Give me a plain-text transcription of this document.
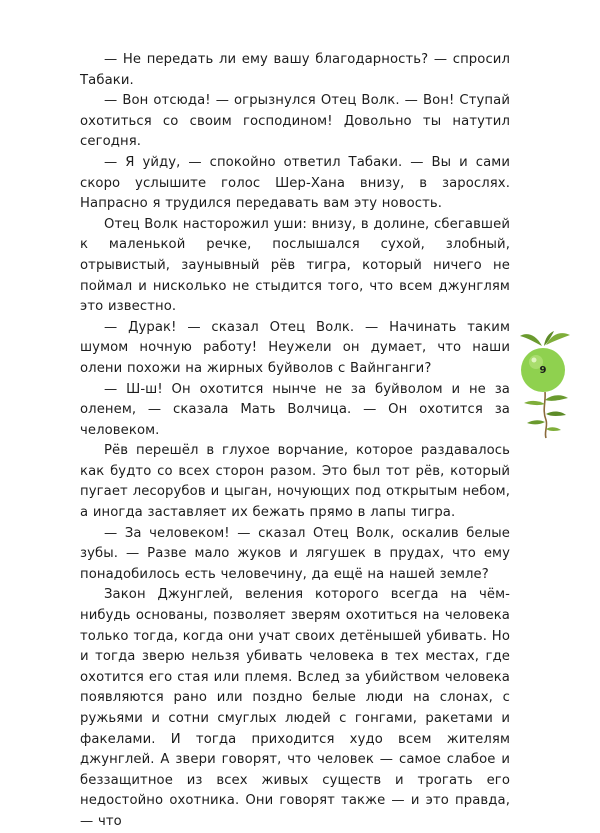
— Не передать ли ему вашу благодарность? — спросил Табаки.

— Вон отсюда! — огрызнулся Отец Волк. — Вон! Ступай охотиться со своим господином! Довольно ты натутил сегодня.

— Я уйду, — спокойно ответил Табаки. — Вы и сами скоро услышите голос Шер-Хана внизу, в зарослях. Напрасно я трудился передавать вам эту новость.

Отец Волк насторожил уши: внизу, в долине, сбегавшей к маленькой речке, послышался сухой, злобный, отрывистый, заунывный рёв тигра, который ничего не поймал и нисколько не стыдится того, что всем джунглям это известно.

— Дурак! — сказал Отец Волк. — Начинать таким шумом ночную работу! Неужели он думает, что наши олени похожи на жирных буйволов с Вайнганги?

— Ш-ш! Он охотится нынче не за буйволом и не за оленем, — сказала Мать Волчица. — Он охотится за человеком.

Рёв перешёл в глухое ворчание, которое раздавалось как будто со всех сторон разом. Это был тот рёв, который пугает лесорубов и цыган, ночующих под открытым небом, а иногда заставляет их бежать прямо в лапы тигра.

— За человеком! — сказал Отец Волк, оскалив белые зубы. — Разве мало жуков и лягушек в прудах, что ему понадобилось есть человечину, да ещё на нашей земле?

Закон Джунглей, веления которого всегда на чём-нибудь основаны, позволяет зверям охотиться на человека только тогда, когда они учат своих детёнышей убивать. Но и тогда зверю нельзя убивать человека в тех местах, где охотится его стая или племя. Вслед за убийством человека появляются рано или поздно белые люди на слонах, с ружьями и сотни смуглых людей с гонгами, ракетами и факелами. И тогда приходится худо всем жителям джунглей. А звери говорят, что человек — самое слабое и беззащитное из всех живых существ и трогать его недостойно охотника. Они говорят также — и это правда, — что

9
